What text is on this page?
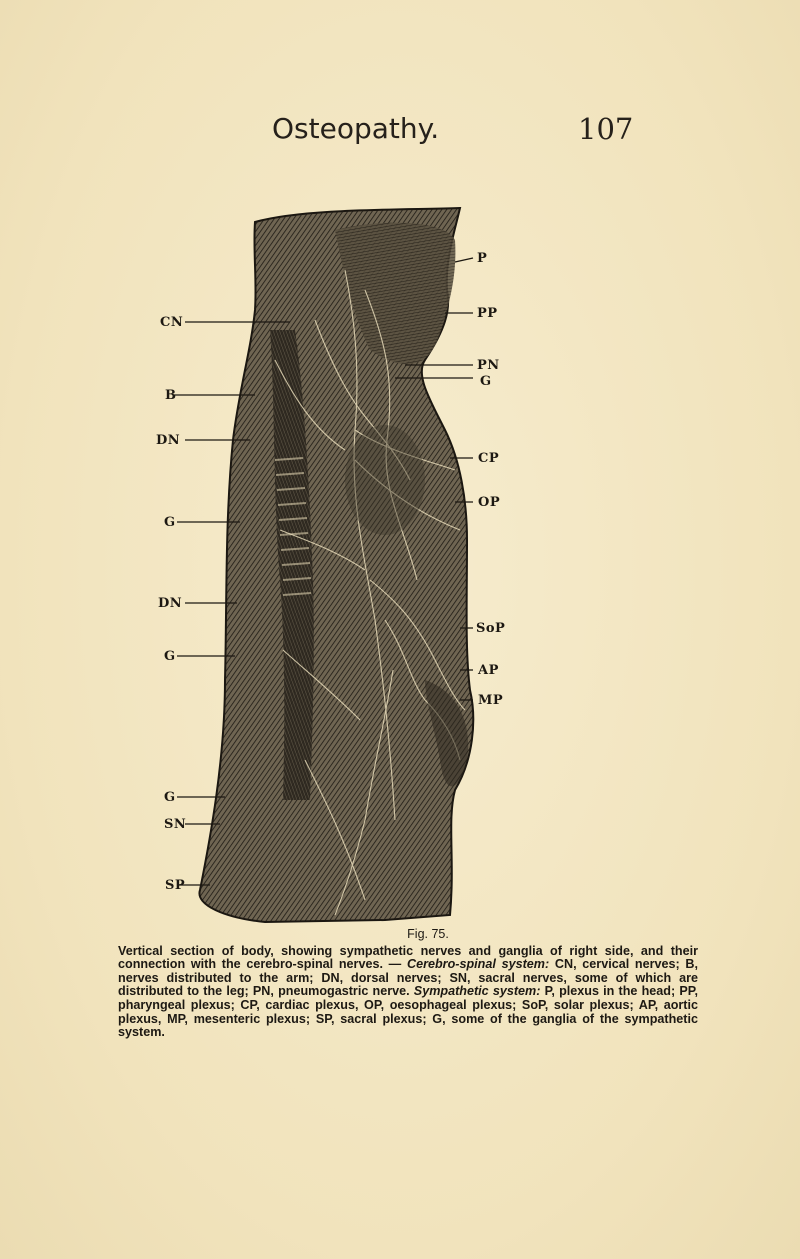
Osteopathy.	107
CN
B
DN
G
DN
G
G
SN
SP
P
PP
PN
G
CP
OP
SoP
AP
MP
Fig. 75.

Vertical section of body, showing sympathetic nerves and ganglia of right side, and their connection with the cerebro-spinal nerves. — Cerebro-spinal system: CN, cervical nerves; B, nerves distributed to the arm; DN, dorsal nerves; SN, sacral nerves, some of which are distributed to the leg; PN, pneumogastric nerve. Sympathetic system: P, plexus in the head; PP, pharyngeal plexus; CP, cardiac plexus, OP, oesophageal plexus; SoP, solar plexus; AP, aortic plexus, MP, mesenteric plexus; SP, sacral plexus; G, some of the ganglia of the sympathetic system.
